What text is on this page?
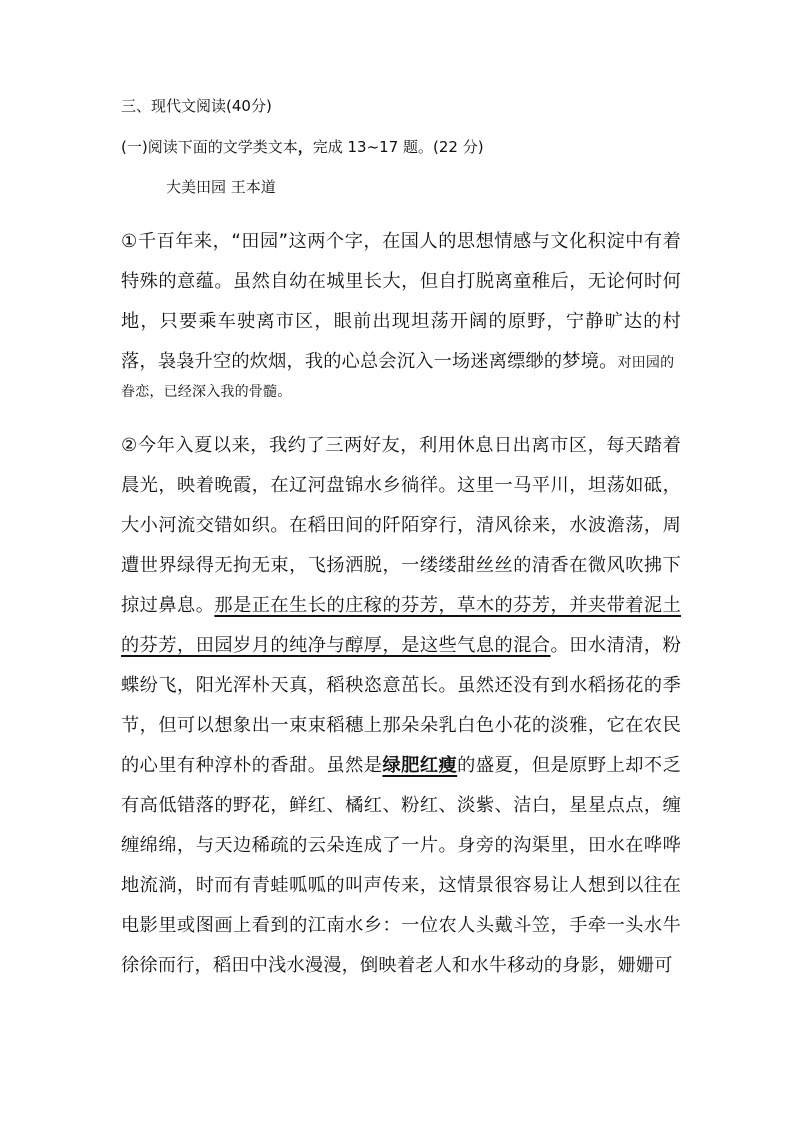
三、现代文阅读(40分)
(一)阅读下面的文学类文本，完成 13~17 题。(22 分)
大美田园 王本道

①千百年来，“田园”这两个字，在国人的思想情感与文化积淀中有着特殊的意蕴。虽然自幼在城里长大，但自打脱离童稚后，无论何时何地，只要乘车驶离市区，眼前出现坦荡开阔的原野，宁静旷达的村落，袅袅升空的炊烟，我的心总会沉入一场迷离缥缈的梦境。对田园的
眷恋，已经深入我的骨髓。

②今年入夏以来，我约了三两好友，利用休息日出离市区，每天踏着晨光，映着晚霞，在辽河盘锦水乡徜徉。这里一马平川，坦荡如砥，大小河流交错如织。在稻田间的阡陌穿行，清风徐来，水波澹荡，周遭世界绿得无拘无束，飞扬洒脱，一缕缕甜丝丝的清香在微风吹拂下掠过鼻息。那是正在生长的庄稼的芬芳，草木的芬芳，并夹带着泥土的芬芳，田园岁月的纯净与醇厚，是这些气息的混合。田水清清，粉蝶纷飞，阳光浑朴天真，稻秧恣意茁长。虽然还没有到水稻扬花的季节，但可以想象出一束束稻穗上那朵朵乳白色小花的淡雅，它在农民的心里有种淳朴的香甜。虽然是绿肥红瘦的盛夏，但是原野上却不乏有高低错落的野花，鲜红、橘红、粉红、淡紫、洁白，星星点点，缠缠绵绵，与天边稀疏的云朵连成了一片。身旁的沟渠里，田水在哗哗地流淌，时而有青蛙呱呱的叫声传来，这情景很容易让人想到以往在电影里或图画上看到的江南水乡：一位农人头戴斗笠，手牵一头水牛徐徐而行，稻田中浅水漫漫，倒映着老人和水牛移动的身影，姗姗可
